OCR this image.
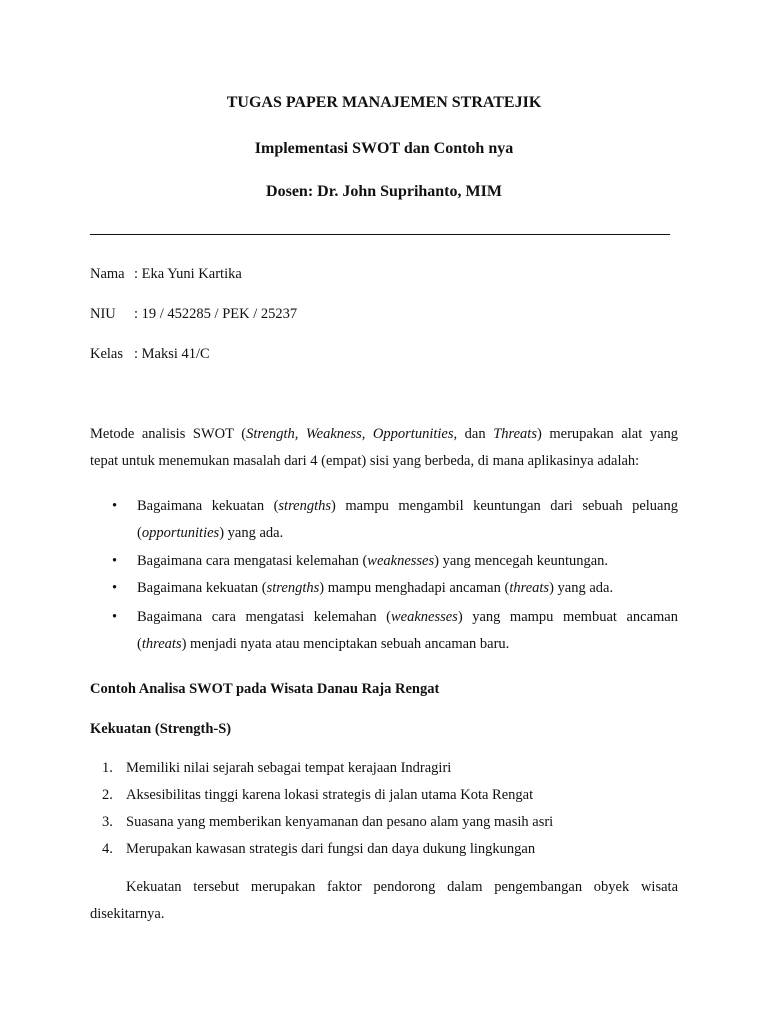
TUGAS PAPER MANAJEMEN STRATEJIK
Implementasi SWOT dan Contoh nya
Dosen: Dr. John Suprihanto, MIM
Nama : Eka Yuni Kartika
NIU : 19 / 452285 / PEK / 25237
Kelas : Maksi 41/C
Metode analisis SWOT (Strength, Weakness, Opportunities, dan Threats) merupakan alat yang
tepat untuk menemukan masalah dari 4 (empat) sisi yang berbeda, di mana aplikasinya adalah:
• Bagaimana kekuatan (strengths) mampu mengambil keuntungan dari sebuah peluang
(opportunities) yang ada.
• Bagaimana cara mengatasi kelemahan (weaknesses) yang mencegah keuntungan.
• Bagaimana kekuatan (strengths) mampu menghadapi ancaman (threats) yang ada.
• Bagaimana cara mengatasi kelemahan (weaknesses) yang mampu membuat ancaman
(threats) menjadi nyata atau menciptakan sebuah ancaman baru.
Contoh Analisa SWOT pada Wisata Danau Raja Rengat
Kekuatan (Strength-S)
1. Memiliki nilai sejarah sebagai tempat kerajaan Indragiri
2. Aksesibilitas tinggi karena lokasi strategis di jalan utama Kota Rengat
3. Suasana yang memberikan kenyamanan dan pesano alam yang masih asri
4. Merupakan kawasan strategis dari fungsi dan daya dukung lingkungan
Kekuatan tersebut merupakan faktor pendorong dalam pengembangan obyek wisata
disekitarnya.
